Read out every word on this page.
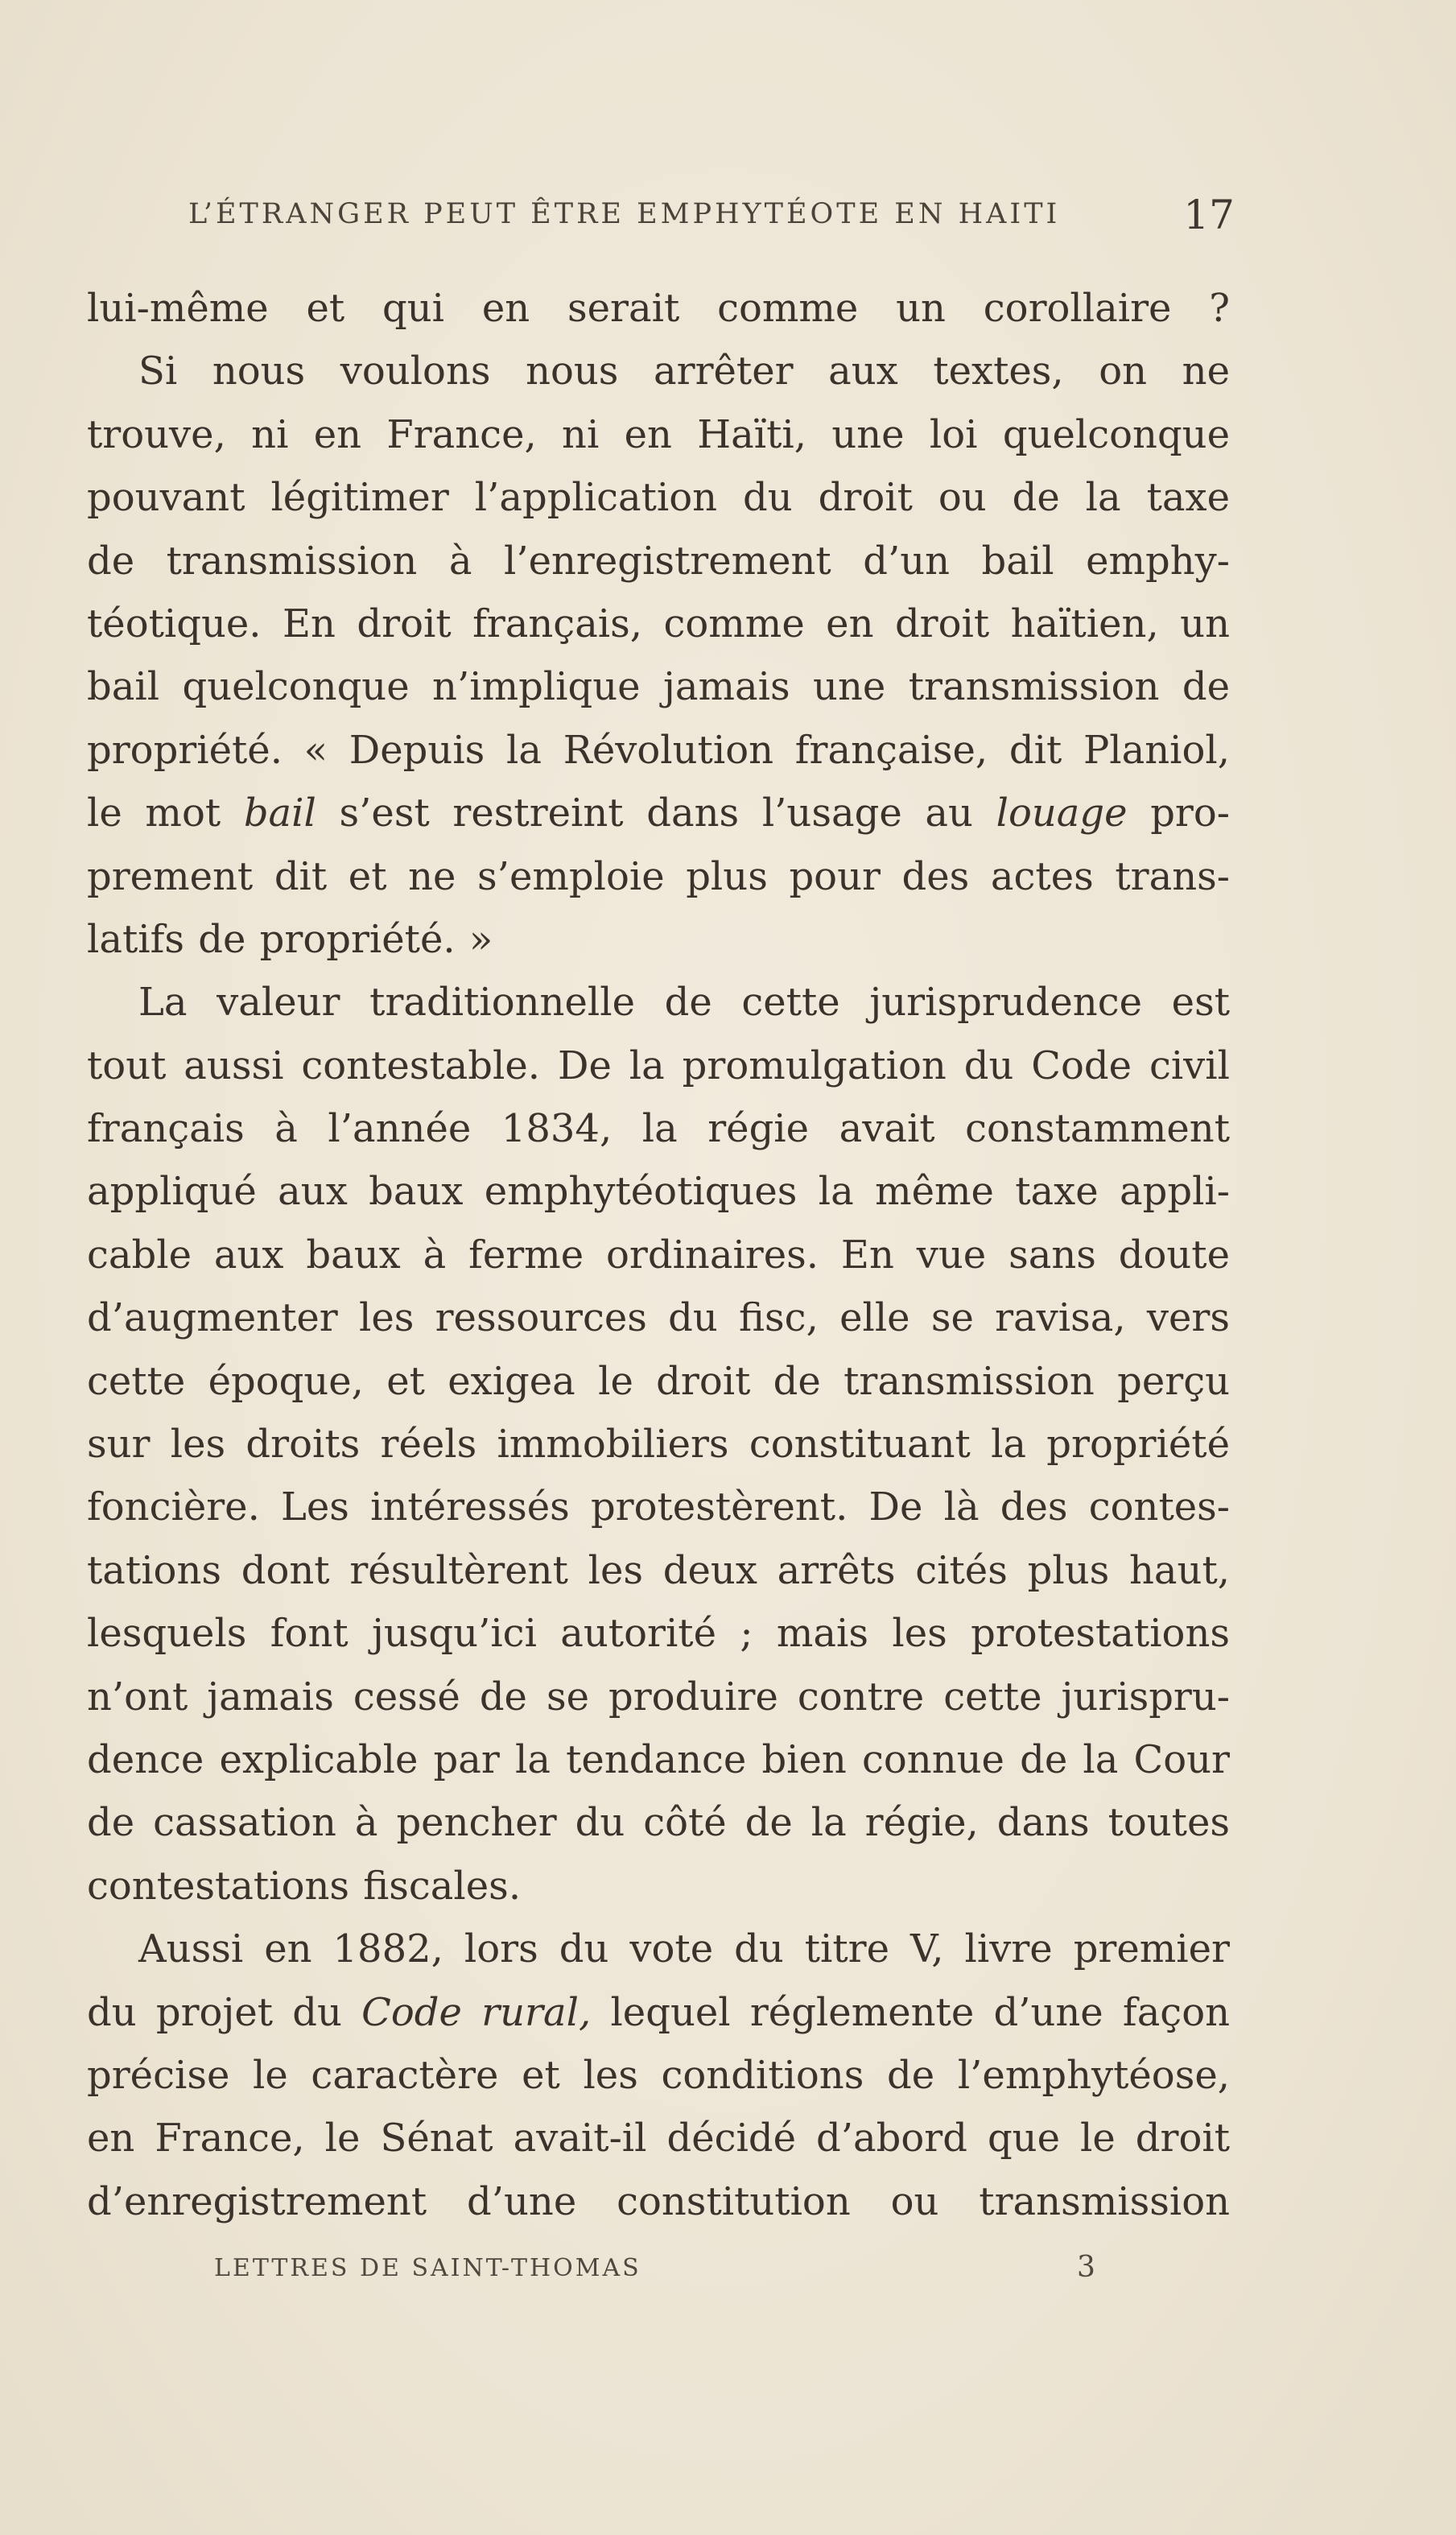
L’ÉTRANGER PEUT ÊTRE EMPHYTÉOTE EN HAITI	17
lui-même et qui en serait comme un corollaire ?
Si nous voulons nous arrêter aux textes, on ne
trouve, ni en France, ni en Haïti, une loi quelconque
pouvant légitimer l’application du droit ou de la taxe
de transmission à l’enregistrement d’un bail emphy-
téotique. En droit français, comme en droit haïtien, un
bail quelconque n’implique jamais une transmission de
propriété. « Depuis la Révolution française, dit Planiol,
le mot bail s’est restreint dans l’usage au louage pro-
prement dit et ne s’emploie plus pour des actes trans-
latifs de propriété. »
La valeur traditionnelle de cette jurisprudence est
tout aussi contestable. De la promulgation du Code civil
français à l’année 1834, la régie avait constamment
appliqué aux baux emphytéotiques la même taxe appli-
cable aux baux à ferme ordinaires. En vue sans doute
d’augmenter les ressources du fisc, elle se ravisa, vers
cette époque, et exigea le droit de transmission perçu
sur les droits réels immobiliers constituant la propriété
foncière. Les intéressés protestèrent. De là des contes-
tations dont résultèrent les deux arrêts cités plus haut,
lesquels font jusqu’ici autorité ; mais les protestations
n’ont jamais cessé de se produire contre cette jurispru-
dence explicable par la tendance bien connue de la Cour
de cassation à pencher du côté de la régie, dans toutes
contestations fiscales.
Aussi en 1882, lors du vote du titre V, livre premier
du projet du Code rural, lequel réglemente d’une façon
précise le caractère et les conditions de l’emphytéose,
en France, le Sénat avait-il décidé d’abord que le droit
d’enregistrement d’une constitution ou transmission
LETTRES DE SAINT-THOMAS	3
